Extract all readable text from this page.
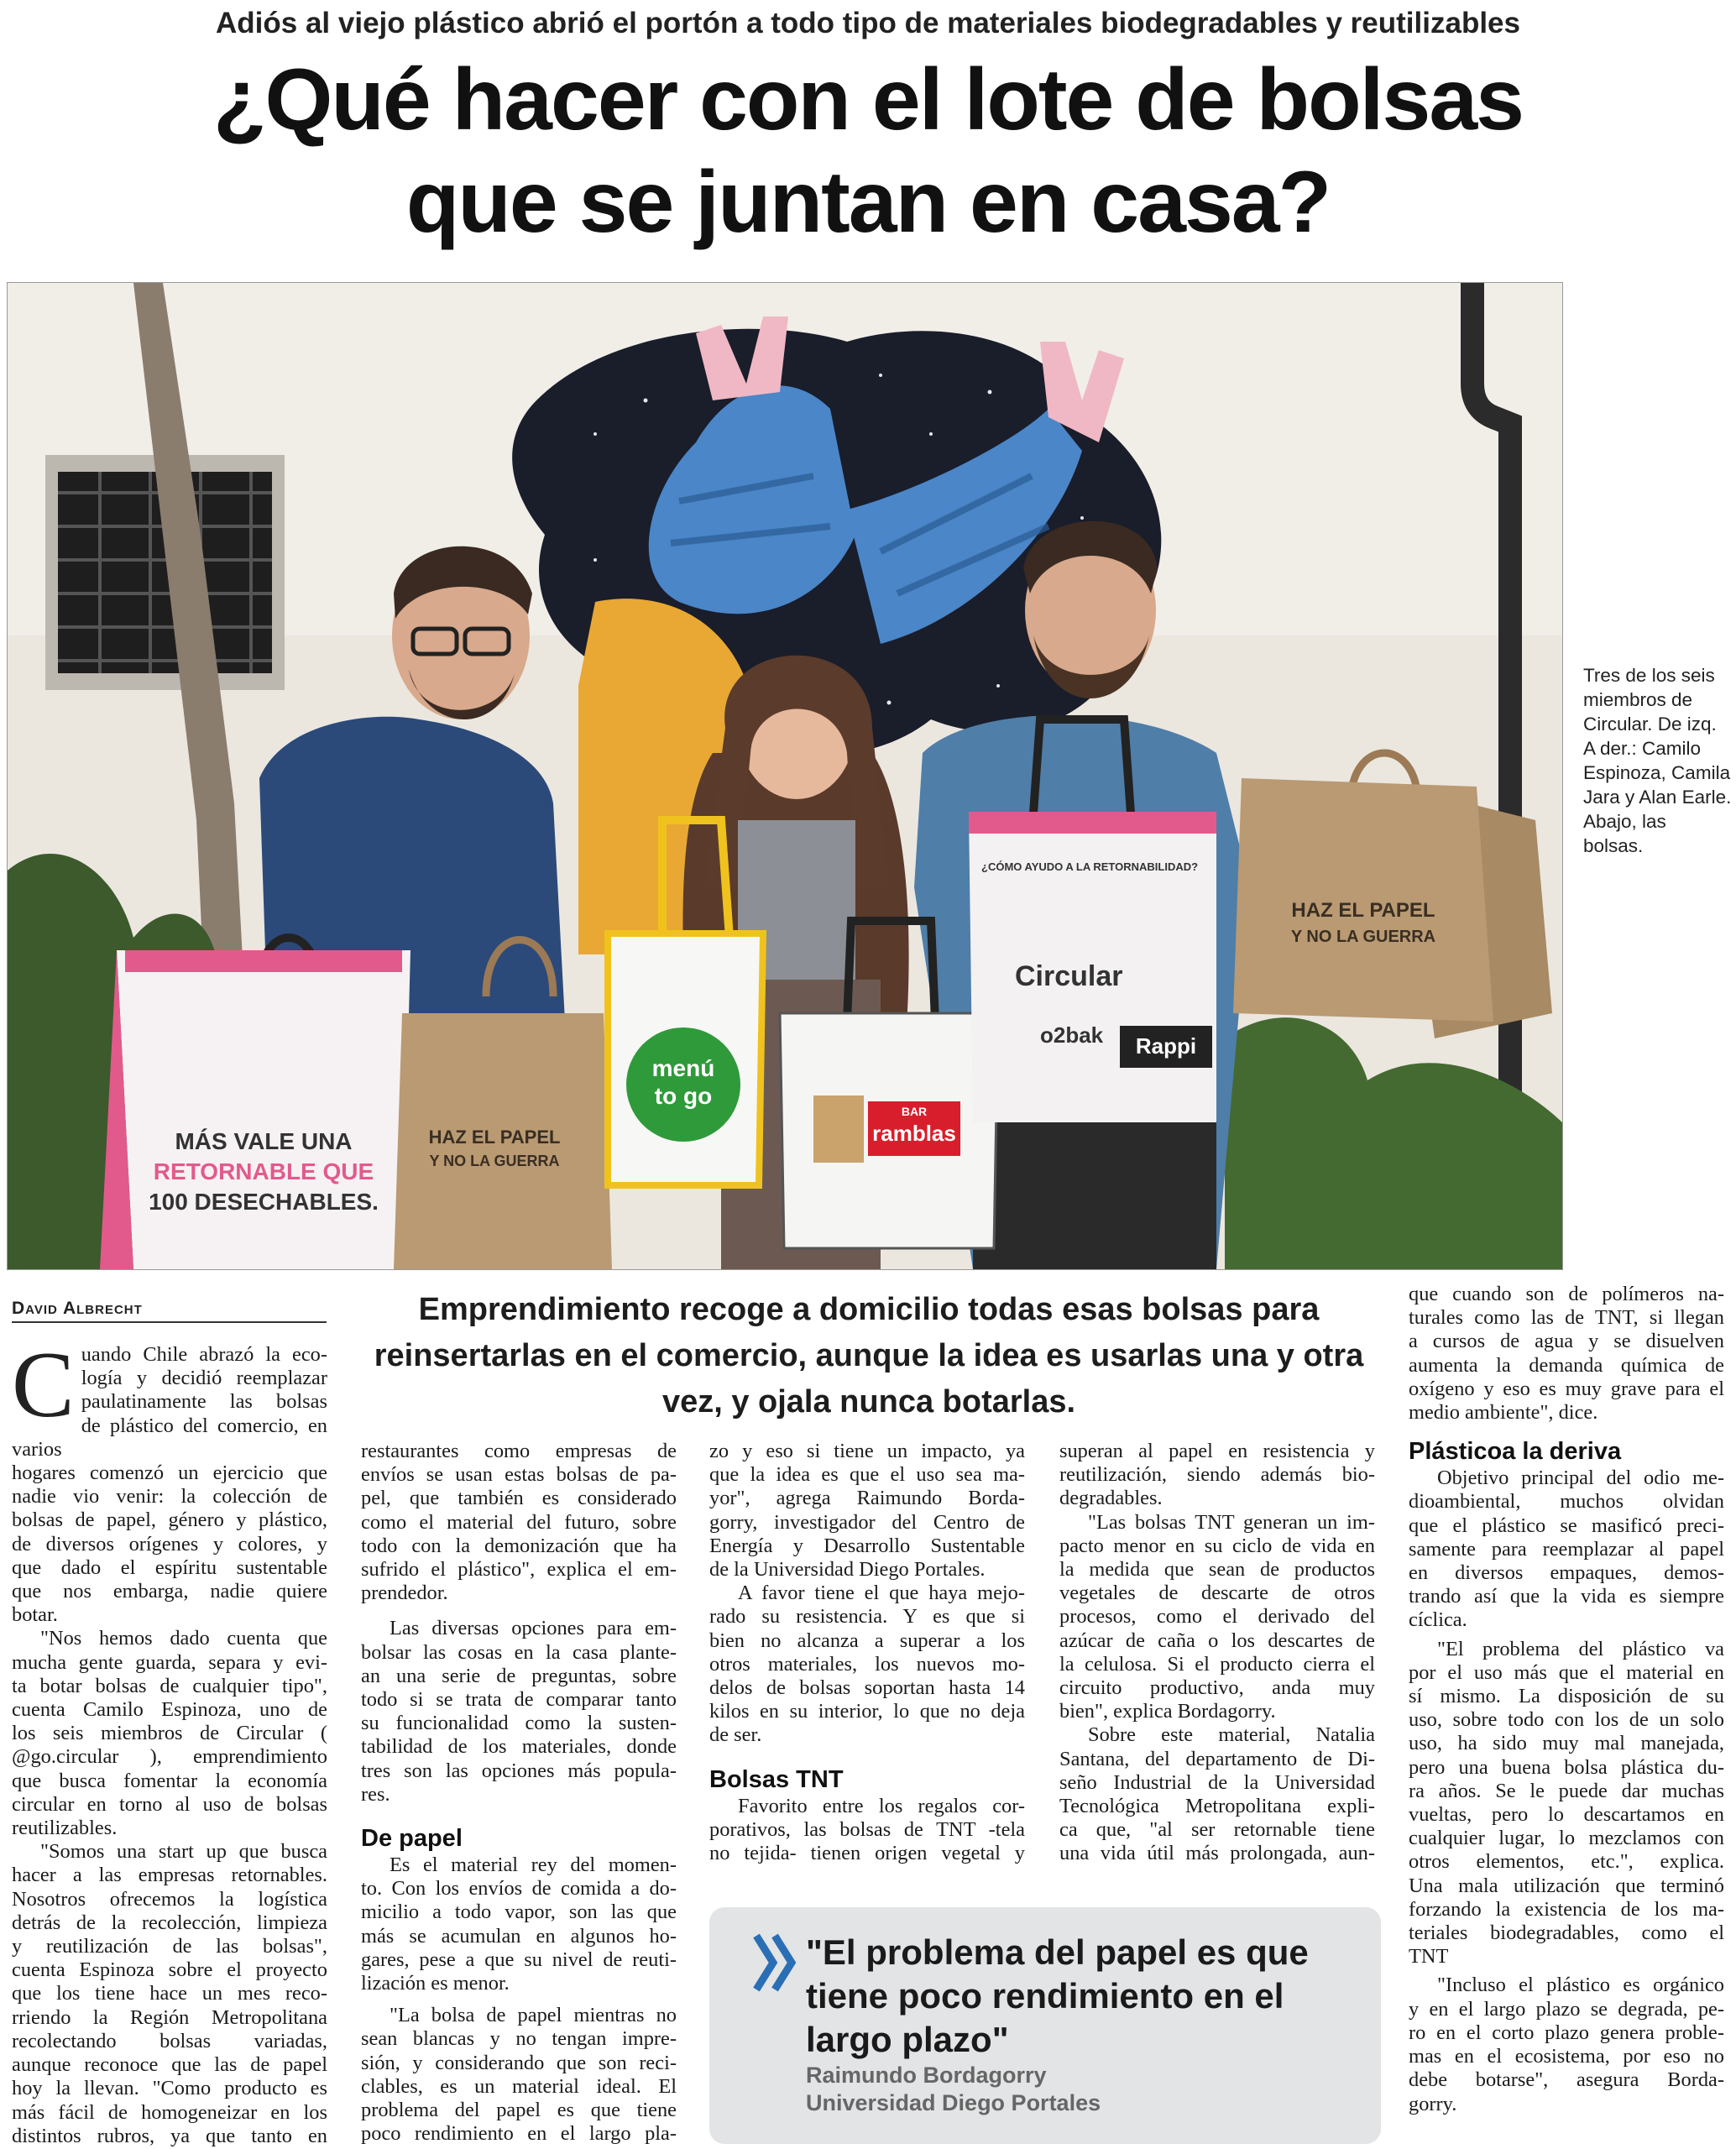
Adiós al viejo plástico abrió el portón a todo tipo de materiales biodegradables y reutilizables
¿Qué hacer con el lote de bolsas
que se juntan en casa?
MÁS VALE UNA
RETORNABLE QUE
100 DESECHABLES.
HAZ EL PAPEL
Y NO LA GUERRA
menú
to go
BAR
ramblas
¿CÓMO AYUDO A LA RETORNABILIDAD?
Circular
o2bak Rappi
HAZ EL PAPEL
Y NO LA GUERRA
Tres de los seis
miembros de
Circular. De izq.
A der.: Camilo
Espinoza, Camila
Jara y Alan Earle.
Abajo, las
bolsas.
David Albrecht	Emprendimiento recoge a domicilio todas esas bolsas para
reinsertarlas en el comercio, aunque la idea es usarlas una y otra
vez, y ojala nunca botarlas.
C uando Chile abrazó la eco-
logía y decidió reemplazar
paulatinamente las bolsas
de plástico del comercio, en varios
hogares comenzó un ejercicio que
nadie vio venir: la colección de
bolsas de papel, género y plástico,
de diversos orígenes y colores, y
que dado el espíritu sustentable
que nos embarga, nadie quiere
botar.
"Nos hemos dado cuenta que
mucha gente guarda, separa y evi-
ta botar bolsas de cualquier tipo",
cuenta Camilo Espinoza, uno de
los seis miembros de Circular (
@go.circular ), emprendimiento
que busca fomentar la economía
circular en torno al uso de bolsas
reutilizables.
"Somos una start up que busca
hacer a las empresas retornables.
Nosotros ofrecemos la logística
detrás de la recolección, limpieza
y reutilización de las bolsas",
cuenta Espinoza sobre el proyecto
que los tiene hace un mes reco-
rriendo la Región Metropolitana
recolectando bolsas variadas,
aunque reconoce que las de papel
hoy la llevan. "Como producto es
más fácil de homogeneizar en los
distintos rubros, ya que tanto en
restaurantes como empresas de
envíos se usan estas bolsas de pa-
pel, que también es considerado
como el material del futuro, sobre
todo con la demonización que ha
sufrido el plástico", explica el em-
prendedor.
Las diversas opciones para em-
bolsar las cosas en la casa plante-
an una serie de preguntas, sobre
todo si se trata de comparar tanto
su funcionalidad como la susten-
tabilidad de los materiales, donde
tres son las opciones más popula-
res.
De papel
Es el material rey del momen-
to. Con los envíos de comida a do-
micilio a todo vapor, son las que
más se acumulan en algunos ho-
gares, pese a que su nivel de reuti-
lización es menor.
"La bolsa de papel mientras no
sean blancas y no tengan impre-
sión, y considerando que son reci-
clables, es un material ideal. El
problema del papel es que tiene
poco rendimiento en el largo pla-
zo y eso si tiene un impacto, ya
que la idea es que el uso sea ma-
yor", agrega Raimundo Borda-
gorry, investigador del Centro de
Energía y Desarrollo Sustentable
de la Universidad Diego Portales.
A favor tiene el que haya mejo-
rado su resistencia. Y es que si
bien no alcanza a superar a los
otros materiales, los nuevos mo-
delos de bolsas soportan hasta 14
kilos en su interior, lo que no deja
de ser.
Bolsas TNT
Favorito entre los regalos cor-
porativos, las bolsas de TNT -tela
no tejida- tienen origen vegetal y
superan al papel en resistencia y
reutilización, siendo además bio-
degradables.
"Las bolsas TNT generan un im-
pacto menor en su ciclo de vida en
la medida que sean de productos
vegetales de descarte de otros
procesos, como el derivado del
azúcar de caña o los descartes de
la celulosa. Si el producto cierra el
circuito productivo, anda muy
bien", explica Bordagorry.
Sobre este material, Natalia
Santana, del departamento de Di-
seño Industrial de la Universidad
Tecnológica Metropolitana expli-
ca que, "al ser retornable tiene
una vida útil más prolongada, aun-
que cuando son de polímeros na-
turales como las de TNT, si llegan
a cursos de agua y se disuelven
aumenta la demanda química de
oxígeno y eso es muy grave para el
medio ambiente", dice.
Plásticoa la deriva
Objetivo principal del odio me-
dioambiental, muchos olvidan
que el plástico se masificó preci-
samente para reemplazar al papel
en diversos empaques, demos-
trando así que la vida es siempre
cíclica.
"El problema del plástico va
por el uso más que el material en
sí mismo. La disposición de su
uso, sobre todo con los de un solo
uso, ha sido muy mal manejada,
pero una buena bolsa plástica du-
ra años. Se le puede dar muchas
vueltas, pero lo descartamos en
cualquier lugar, lo mezclamos con
otros elementos, etc.", explica.
Una mala utilización que terminó
forzando la existencia de los ma-
teriales biodegradables, como el
TNT
"Incluso el plástico es orgánico
y en el largo plazo se degrada, pe-
ro en el corto plazo genera proble-
mas en el ecosistema, por eso no
debe botarse", asegura Borda-
gorry.
"El problema del papel es que
tiene poco rendimiento en el
largo plazo"
Raimundo Bordagorry
Universidad Diego Portales
